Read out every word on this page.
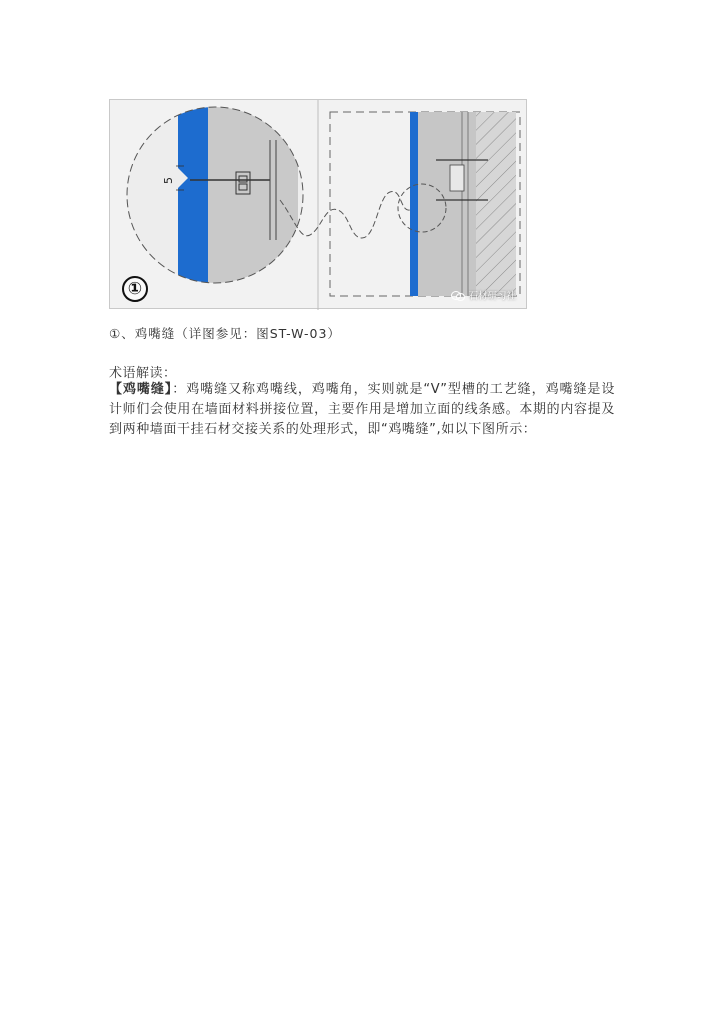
5
①	石材研习社
①、鸡嘴缝（详图参见：图ST-W-03）
术语解读：
【鸡嘴缝】：鸡嘴缝又称鸡嘴线，鸡嘴角，实则就是“V”型槽的工艺缝，鸡嘴缝是设计师们会使用在墙面材料拼接位置，主要作用是增加立面的线条感。本期的内容提及到两种墙面干挂石材交接关系的处理形式，即“鸡嘴缝”,如以下图所示：
